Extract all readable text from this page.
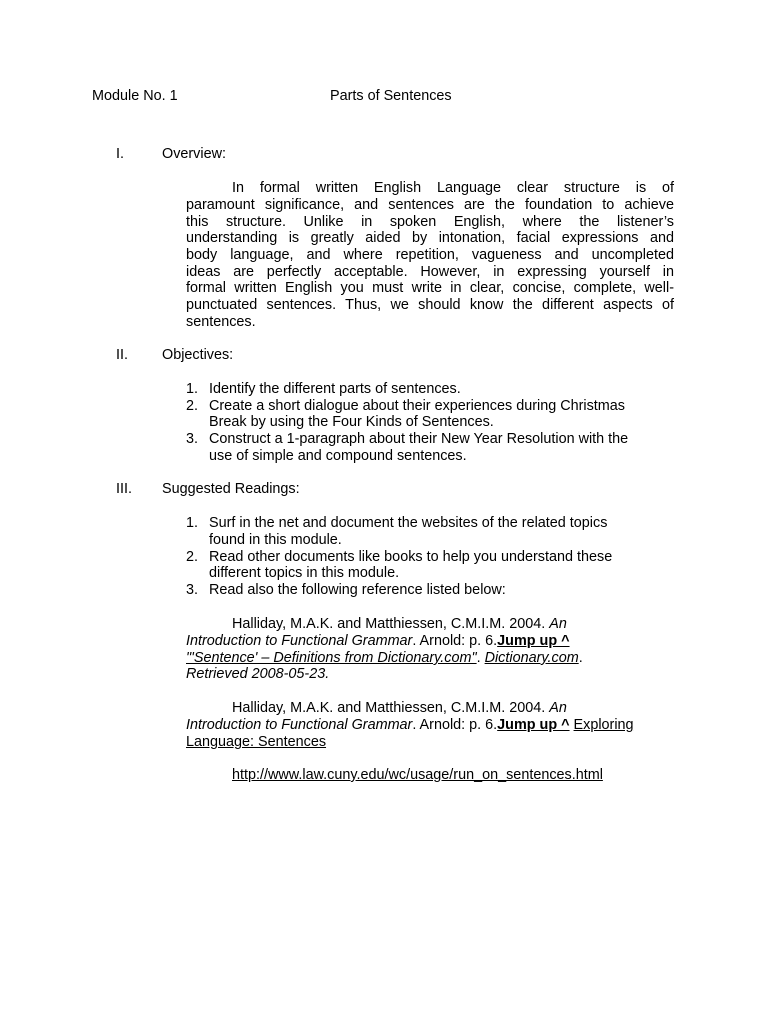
Module No. 1	Parts of Sentences
I.	Overview:
In formal written English Language clear structure is of
paramount significance, and sentences are the foundation to achieve
this structure. Unlike in spoken English, where the listener’s
understanding is greatly aided by intonation, facial expressions and
body language, and where repetition, vagueness and uncompleted
ideas are perfectly acceptable. However, in expressing yourself in
formal written English you must write in clear, concise, complete, well-
punctuated sentences. Thus, we should know the different aspects of
sentences.
II. Objectives:
1. Identify the different parts of sentences.
2. Create a short dialogue about their experiences during Christmas
Break by using the Four Kinds of Sentences.
3. Construct a 1-paragraph about their New Year Resolution with the
use of simple and compound sentences.
III. Suggested Readings:
1. Surf in the net and document the websites of the related topics
found in this module.
2. Read other documents like books to help you understand these
different topics in this module.
3. Read also the following reference listed below:
Halliday, M.A.K. and Matthiessen, C.M.I.M. 2004. An
Introduction to Functional Grammar. Arnold: p. 6.Jump up ^
"'Sentence' – Definitions from Dictionary.com". Dictionary.com.
Retrieved 2008-05-23.
Halliday, M.A.K. and Matthiessen, C.M.I.M. 2004. An
Introduction to Functional Grammar. Arnold: p. 6.Jump up ^ Exploring
Language: Sentences
http://www.law.cuny.edu/wc/usage/run_on_sentences.html
